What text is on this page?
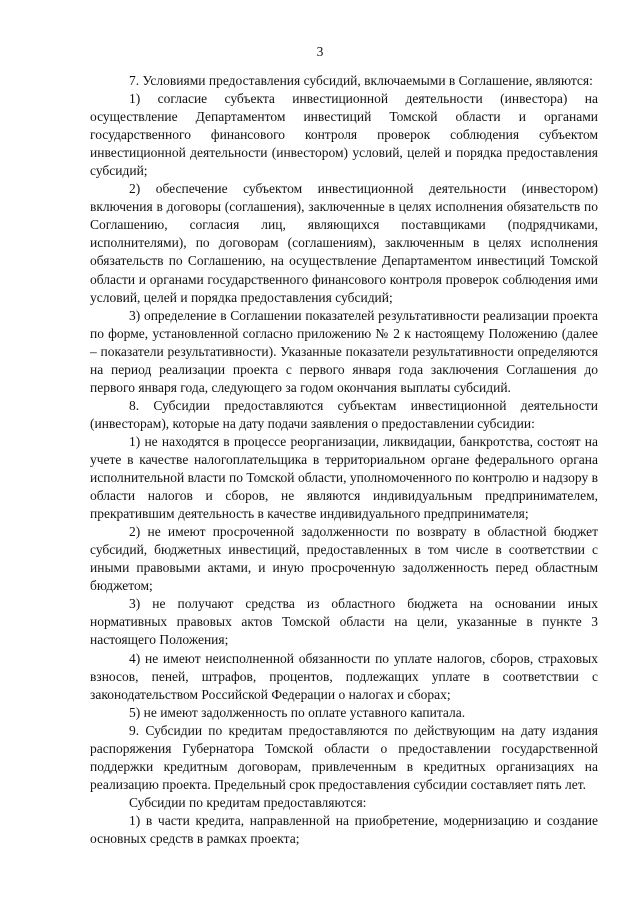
3

7. Условиями предоставления субсидий, включаемыми в Соглашение, являются:

1) согласие субъекта инвестиционной деятельности (инвестора) на осуществление Департаментом инвестиций Томской области и органами государственного финансового контроля проверок соблюдения субъектом инвестиционной деятельности (инвестором) условий, целей и порядка предоставления субсидий;

2) обеспечение субъектом инвестиционной деятельности (инвестором) включения в договоры (соглашения), заключенные в целях исполнения обязательств по Соглашению, согласия лиц, являющихся поставщиками (подрядчиками, исполнителями), по договорам (соглашениям), заключенным в целях исполнения обязательств по Соглашению, на осуществление Департаментом инвестиций Томской области и органами государственного финансового контроля проверок соблюдения ими условий, целей и порядка предоставления субсидий;

3) определение в Соглашении показателей результативности реализации проекта по форме, установленной согласно приложению № 2 к настоящему Положению (далее – показатели результативности). Указанные показатели результативности определяются на период реализации проекта с первого января года заключения Соглашения до первого января года, следующего за годом окончания выплаты субсидий.

8. Субсидии предоставляются субъектам инвестиционной деятельности (инвесторам), которые на дату подачи заявления о предоставлении субсидии:

1) не находятся в процессе реорганизации, ликвидации, банкротства, состоят на учете в качестве налогоплательщика в территориальном органе федерального органа исполнительной власти по Томской области, уполномоченного по контролю и надзору в области налогов и сборов, не являются индивидуальным предпринимателем, прекратившим деятельность в качестве индивидуального предпринимателя;

2) не имеют просроченной задолженности по возврату в областной бюджет субсидий, бюджетных инвестиций, предоставленных в том числе в соответствии с иными правовыми актами, и иную просроченную задолженность перед областным бюджетом;

3) не получают средства из областного бюджета на основании иных нормативных правовых актов Томской области на цели, указанные в пункте 3 настоящего Положения;

4) не имеют неисполненной обязанности по уплате налогов, сборов, страховых взносов, пеней, штрафов, процентов, подлежащих уплате в соответствии с законодательством Российской Федерации о налогах и сборах;

5) не имеют задолженность по оплате уставного капитала.

9. Субсидии по кредитам предоставляются по действующим на дату издания распоряжения Губернатора Томской области о предоставлении государственной поддержки кредитным договорам, привлеченным в кредитных организациях на реализацию проекта. Предельный срок предоставления субсидии составляет пять лет.

Субсидии по кредитам предоставляются:

1) в части кредита, направленной на приобретение, модернизацию и создание основных средств в рамках проекта;
